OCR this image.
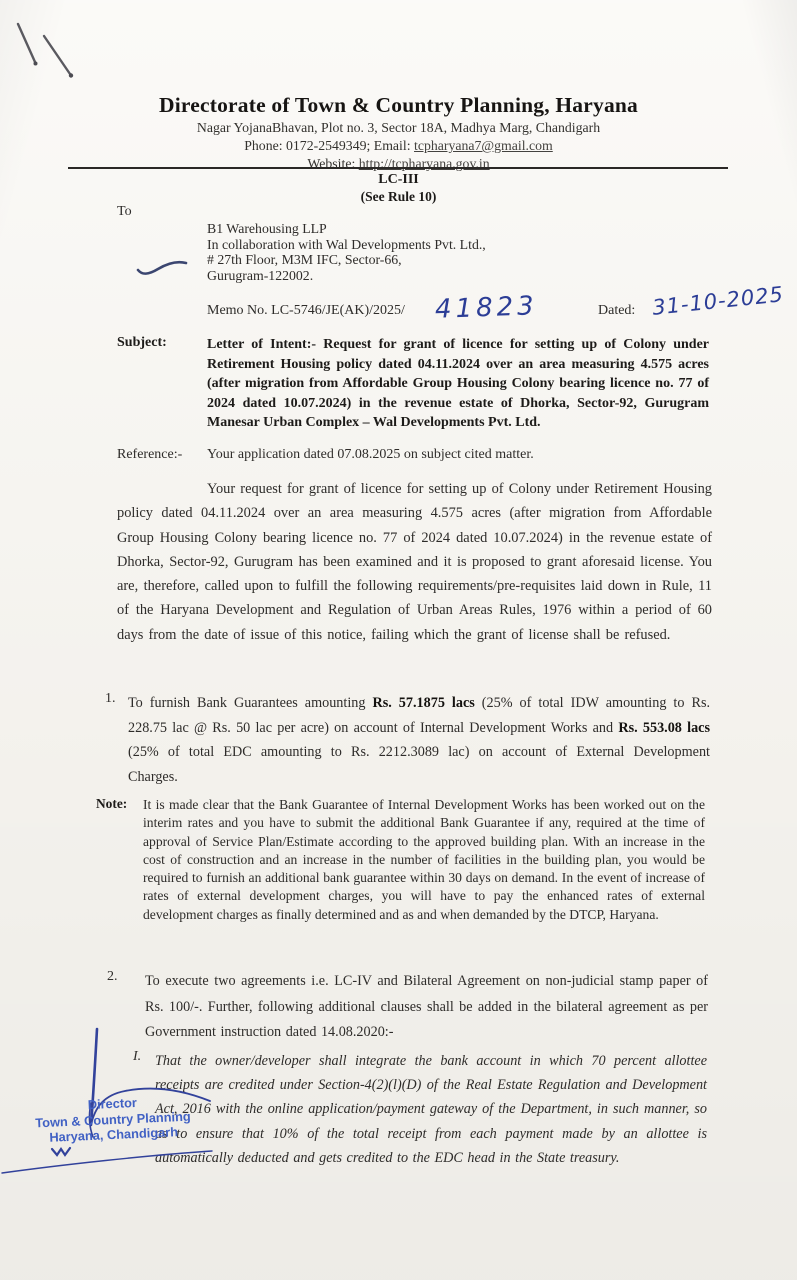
Directorate of Town & Country Planning, Haryana
Nagar YojanaBhavan, Plot no. 3, Sector 18A, Madhya Marg, Chandigarh
Phone: 0172-2549349; Email: tcpharyana7@gmail.com
Website: http://tcpharyana.gov.in
LC-III
(See Rule 10)
To
B1 Warehousing LLP
In collaboration with Wal Developments Pvt. Ltd.,
# 27th Floor, M3M IFC, Sector-66,
Gurugram-122002.
Memo No. LC-5746/JE(AK)/2025/ 41823	Dated: 31-10-2025
Subject:	Letter of Intent:- Request for grant of licence for setting up of Colony under Retirement Housing policy dated 04.11.2024 over an area measuring 4.575 acres (after migration from Affordable Group Housing Colony bearing licence no. 77 of 2024 dated 10.07.2024) in the revenue estate of Dhorka, Sector-92, Gurugram Manesar Urban Complex – Wal Developments Pvt. Ltd.
Reference:- Your application dated 07.08.2025 on subject cited matter.
Your request for grant of licence for setting up of Colony under Retirement Housing policy dated 04.11.2024 over an area measuring 4.575 acres (after migration from Affordable Group Housing Colony bearing licence no. 77 of 2024 dated 10.07.2024) in the revenue estate of Dhorka, Sector-92, Gurugram has been examined and it is proposed to grant aforesaid license. You are, therefore, called upon to fulfill the following requirements/pre-requisites laid down in Rule, 11 of the Haryana Development and Regulation of Urban Areas Rules, 1976 within a period of 60 days from the date of issue of this notice, failing which the grant of license shall be refused.
1. To furnish Bank Guarantees amounting Rs. 57.1875 lacs (25% of total IDW amounting to Rs. 228.75 lac @ Rs. 50 lac per acre) on account of Internal Development Works and Rs. 553.08 lacs (25% of total EDC amounting to Rs. 2212.3089 lac) on account of External Development Charges.
Note: It is made clear that the Bank Guarantee of Internal Development Works has been worked out on the interim rates and you have to submit the additional Bank Guarantee if any, required at the time of approval of Service Plan/Estimate according to the approved building plan. With an increase in the cost of construction and an increase in the number of facilities in the building plan, you would be required to furnish an additional bank guarantee within 30 days on demand. In the event of increase of rates of external development charges, you will have to pay the enhanced rates of external development charges as finally determined and as and when demanded by the DTCP, Haryana.
2. To execute two agreements i.e. LC-IV and Bilateral Agreement on non-judicial stamp paper of Rs. 100/-. Further, following additional clauses shall be added in the bilateral agreement as per Government instruction dated 14.08.2020:-
I. That the owner/developer shall integrate the bank account in which 70 percent allottee receipts are credited under Section-4(2)(l)(D) of the Real Estate Regulation and Development Act, 2016 with the online application/payment gateway of the Department, in such manner, so as to ensure that 10% of the total receipt from each payment made by an allottee is automatically deducted and gets credited to the EDC head in the State treasury.
Director
Town & Country Planning
Haryana, Chandigarh
